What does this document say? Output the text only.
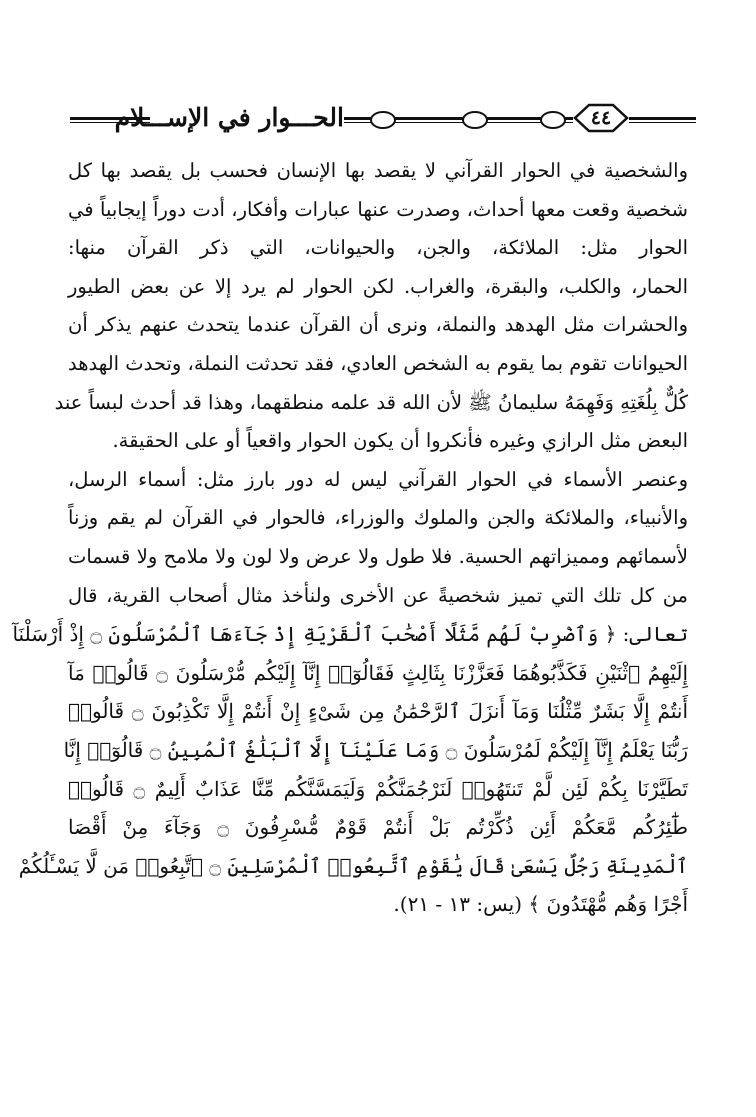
الحـــوار في الإســـلام	٤٤
والشخصية في الحوار القرآني لا يقصد بها الإنسان فحسب بل يقصد بها كل
شخصية وقعت معها أحداث، وصدرت عنها عبارات وأفكار، أدت دوراً إيجابياً في
الحوار مثل: الملائكة، والجن، والحيوانات، التي ذكر القرآن منها:
الحمار، والكلب، والبقرة، والغراب. لكن الحوار لم يرد إلا عن بعض الطيور
والحشرات مثل الهدهد والنملة، ونرى أن القرآن عندما يتحدث عنهم يذكر أن
الحيوانات تقوم بما يقوم به الشخص العادي، فقد تحدثت النملة، وتحدث الهدهد
كُلٌّ بِلُغَتِهِ وَفَهِمَهُ سليمانُ ﷺ لأن الله قد علمه منطقهما، وهذا قد أحدث لبساً عند
البعض مثل الرازي وغيره فأنكروا أن يكون الحوار واقعياً أو على الحقيقة.
وعنصر الأسماء في الحوار القرآني ليس له دور بارز مثل: أسماء الرسل،
والأنبياء، والملائكة والجن والملوك والوزراء، فالحوار في القرآن لم يقم وزناً
لأسمائهم ومميزاتهم الحسية. فلا طول ولا عرض ولا لون ولا ملامح ولا قسمات
من كل تلك التي تميز شخصيةً عن الأخرى ولنأخذ مثال أصحاب القرية، قال
تعالى: ﴿ وَٱضْرِبْ لَهُم مَّثَلًا أَصْحَٰبَ ٱلْقَرْيَةِ إِذْ جَآءَهَا ٱلْمُرْسَلُونَ ۝ إِذْ أَرْسَلْنَآ
إِلَيْهِمُ ٱثْنَيْنِ فَكَذَّبُوهُمَا فَعَزَّزْنَا بِثَالِثٍ فَقَالُوٓا۟ إِنَّآ إِلَيْكُم مُّرْسَلُونَ ۝ قَالُوا۟ مَآ
أَنتُمْ إِلَّا بَشَرٌ مِّثْلُنَا وَمَآ أَنزَلَ ٱلرَّحْمَٰنُ مِن شَىْءٍ إِنْ أَنتُمْ إِلَّا تَكْذِبُونَ ۝ قَالُوا۟
رَبُّنَا يَعْلَمُ إِنَّآ إِلَيْكُمْ لَمُرْسَلُونَ ۝ وَمَا عَلَيْنَآ إِلَّا ٱلْبَلَٰغُ ٱلْمُبِينُ ۝ قَالُوٓا۟ إِنَّا
تَطَيَّرْنَا بِكُمْ لَئِن لَّمْ تَنتَهُوا۟ لَنَرْجُمَنَّكُمْ وَلَيَمَسَّنَّكُم مِّنَّا عَذَابٌ أَلِيمٌ ۝ قَالُوا۟
طَٰٓئِرُكُم مَّعَكُمْ أَئِن ذُكِّرْتُم بَلْ أَنتُمْ قَوْمٌ مُّسْرِفُونَ ۝ وَجَآءَ مِنْ أَقْصَا
ٱلْمَدِينَةِ رَجُلٌ يَسْعَىٰ قَالَ يَٰقَوْمِ ٱتَّبِعُوا۟ ٱلْمُرْسَلِينَ ۝ ٱتَّبِعُوا۟ مَن لَّا يَسْـَٔلُكُمْ
أَجْرًا وَهُم مُّهْتَدُونَ ﴾ (يس: ١٣ - ٢١).
